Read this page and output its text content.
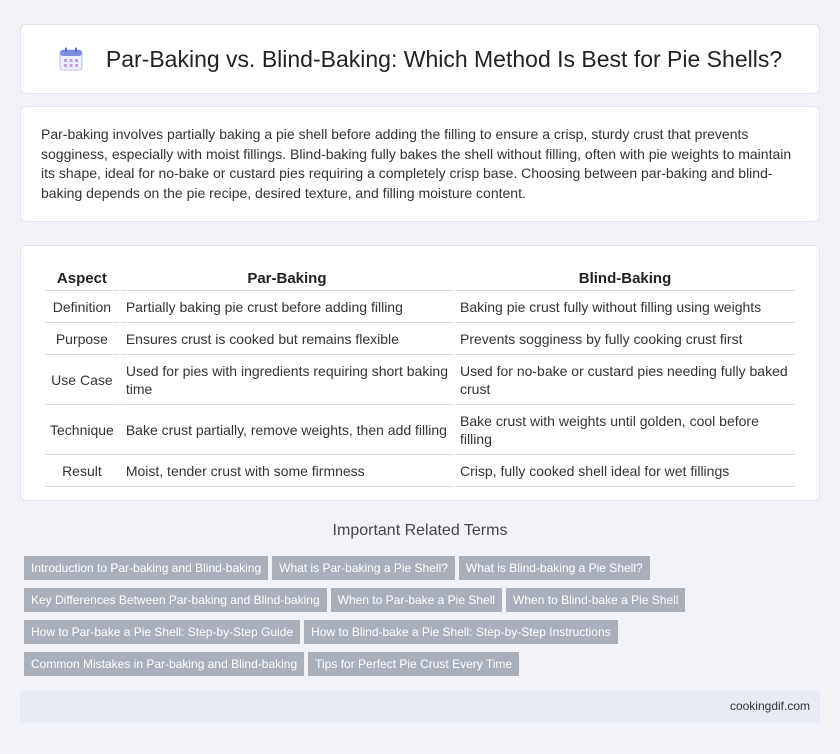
Par-Baking vs. Blind-Baking: Which Method Is Best for Pie Shells?

Par-baking involves partially baking a pie shell before adding the filling to ensure a crisp, sturdy crust that prevents sogginess, especially with moist fillings. Blind-baking fully bakes the shell without filling, often with pie weights to maintain its shape, ideal for no-bake or custard pies requiring a completely crisp base. Choosing between par-baking and blind-baking depends on the pie recipe, desired texture, and filling moisture content.

Aspect	Par-Baking	Blind-Baking
Definition	Partially baking pie crust before adding filling	Baking pie crust fully without filling using weights
Purpose	Ensures crust is cooked but remains flexible	Prevents sogginess by fully cooking crust first
Use Case	Used for pies with ingredients requiring short baking time	Used for no-bake or custard pies needing fully baked crust
Technique	Bake crust partially, remove weights, then add filling	Bake crust with weights until golden, cool before filling
Result	Moist, tender crust with some firmness	Crisp, fully cooked shell ideal for wet fillings
Important Related Terms
Introduction to Par-baking and Blind-baking What is Par-baking a Pie Shell? What is Blind-baking a Pie Shell?
Key Differences Between Par-baking and Blind-baking When to Par-bake a Pie Shell When to Blind-bake a Pie Shell
How to Par-bake a Pie Shell: Step-by-Step Guide How to Blind-bake a Pie Shell: Step-by-Step Instructions
Common Mistakes in Par-baking and Blind-baking Tips for Perfect Pie Crust Every Time
cookingdif.com
